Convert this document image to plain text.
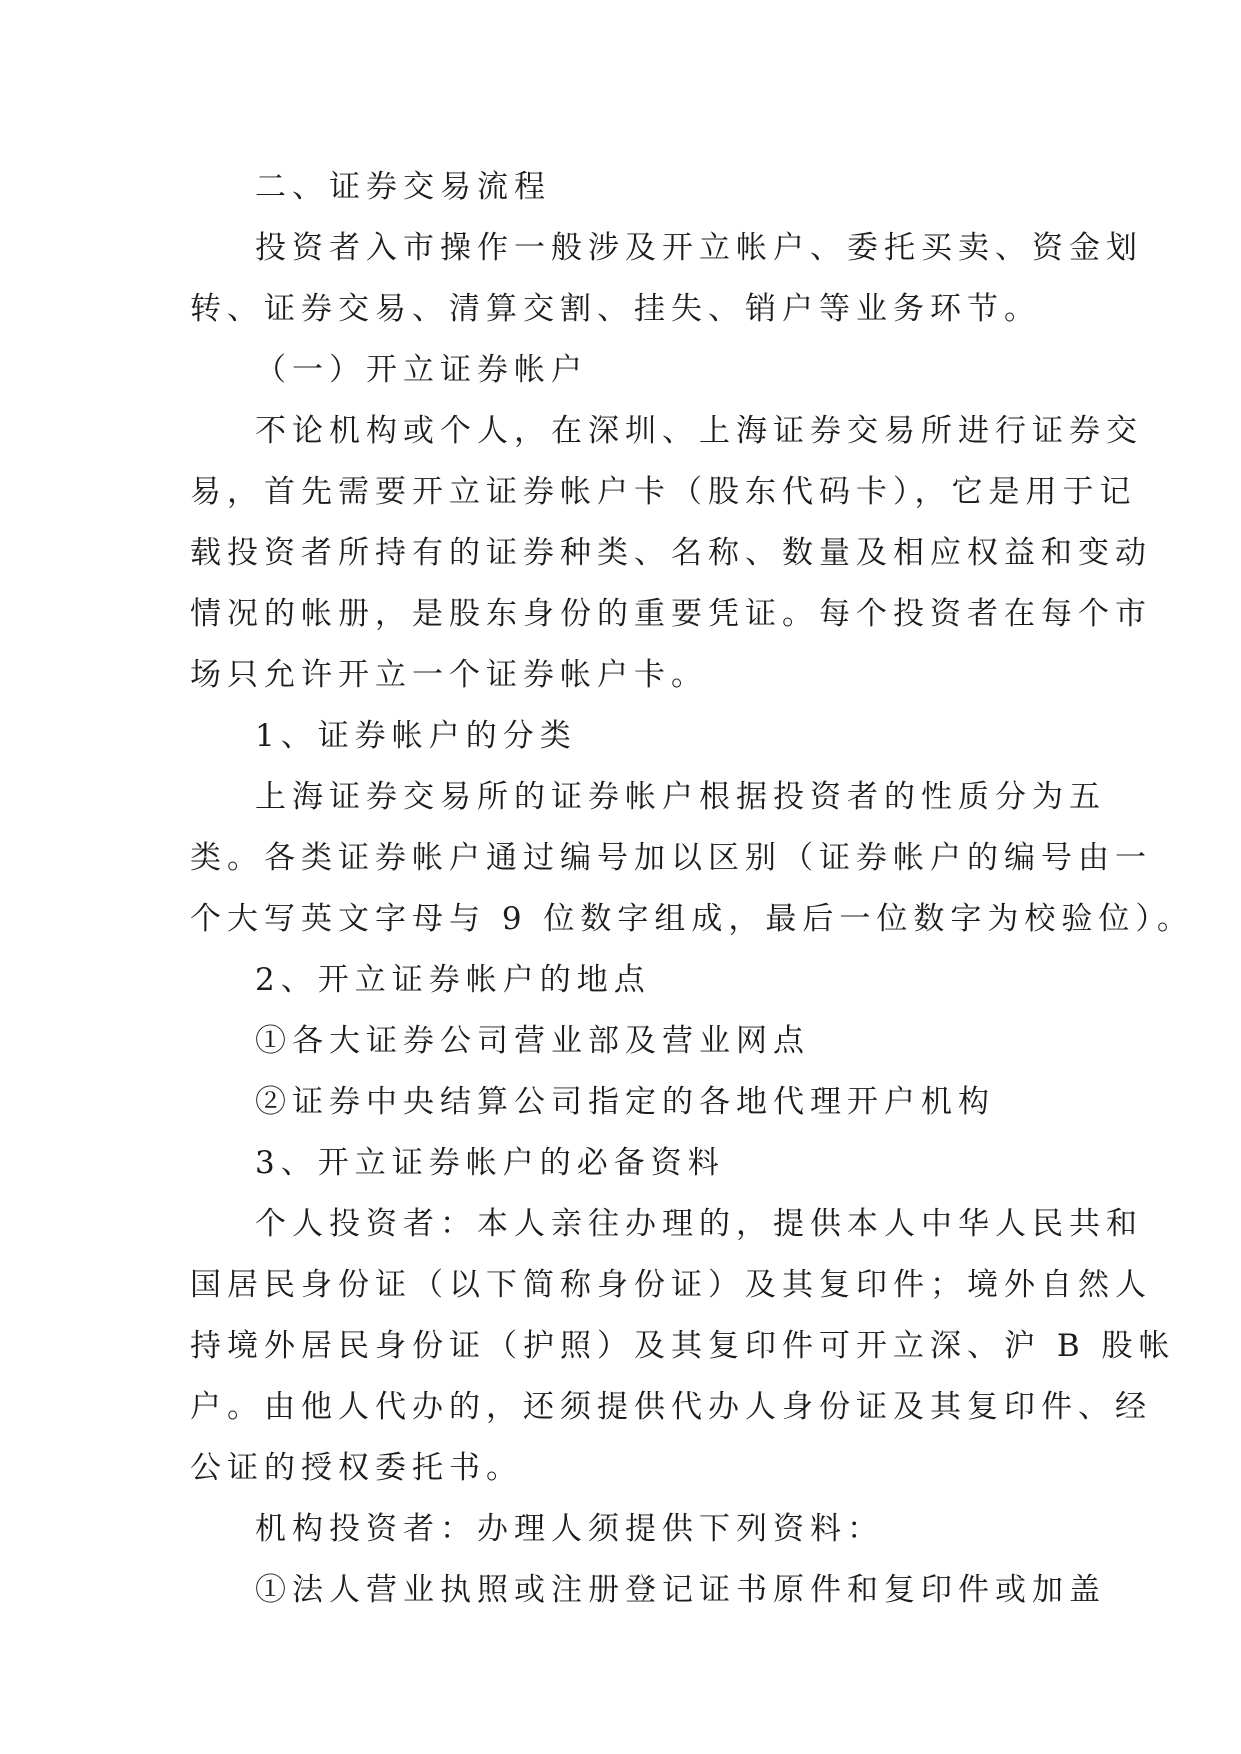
二、证券交易流程

投资者入市操作一般涉及开立帐户、委托买卖、资金划

转、证券交易、清算交割、挂失、销户等业务环节。

（一）开立证券帐户

不论机构或个人，在深圳、上海证券交易所进行证券交

易，首先需要开立证券帐户卡（股东代码卡），它是用于记

载投资者所持有的证券种类、名称、数量及相应权益和变动

情况的帐册，是股东身份的重要凭证。每个投资者在每个市

场只允许开立一个证券帐户卡。

1、证券帐户的分类

上海证券交易所的证券帐户根据投资者的性质分为五

类。各类证券帐户通过编号加以区别（证券帐户的编号由一

个大写英文字母与 9 位数字组成，最后一位数字为校验位）。

2、开立证券帐户的地点

①各大证券公司营业部及营业网点

②证券中央结算公司指定的各地代理开户机构

3、开立证券帐户的必备资料

个人投资者：本人亲往办理的，提供本人中华人民共和

国居民身份证（以下简称身份证）及其复印件；境外自然人

持境外居民身份证（护照）及其复印件可开立深、沪 B 股帐

户。由他人代办的，还须提供代办人身份证及其复印件、经

公证的授权委托书。

机构投资者：办理人须提供下列资料：

①法人营业执照或注册登记证书原件和复印件或加盖
